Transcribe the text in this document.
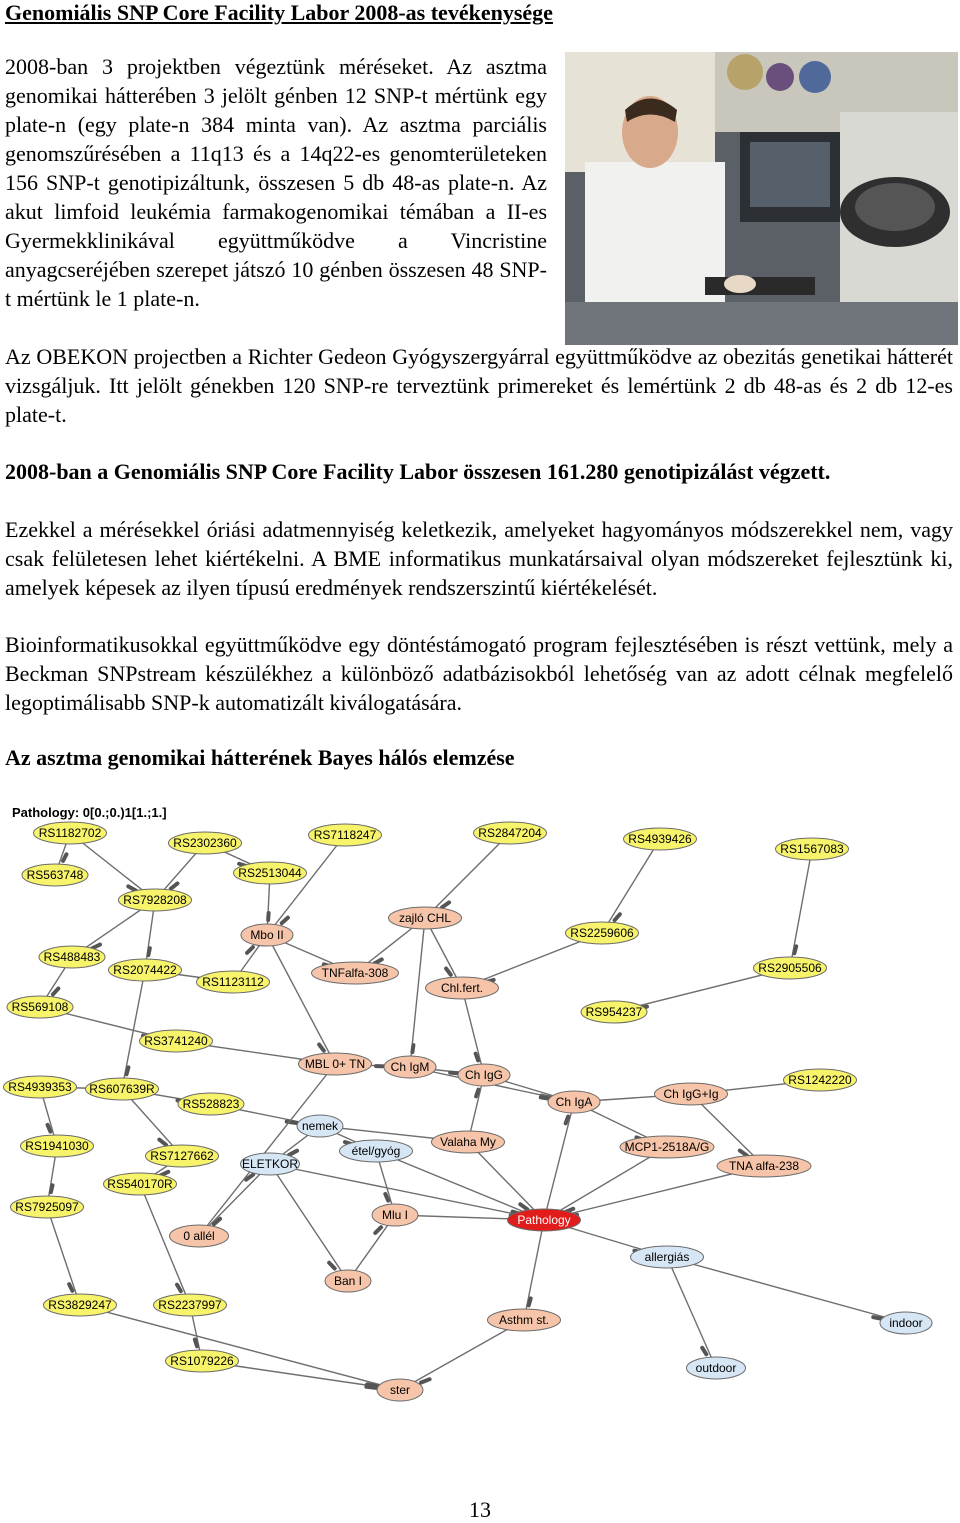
Genomiális SNP Core Facility Labor 2008-as tevékenysége
2008-ban 3 projektben végeztünk méréseket. Az asztma genomikai hátterében 3 jelölt génben 12 SNP-t mértünk egy plate-n (egy plate-n 384 minta van). Az asztma parciális genomszűrésében a 11q13 és a 14q22-es genomterületeken 156 SNP-t genotipizáltunk, összesen 5 db 48-as plate-n. Az akut limfoid leukémia farmakogenomikai témában a II-es Gyermekklinikával együttműködve a Vincristine anyagcseréjében szerepet játszó 10 génben összesen 48 SNP-t mértünk le 1 plate-n.
Az OBEKON projectben a Richter Gedeon Gyógyszergyárral együttműködve az obezitás genetikai hátterét vizsgáljuk. Itt jelölt génekben 120 SNP-re terveztünk primereket és lemértünk 2 db 48-as és 2 db 12-es plate-t.
2008-ban a Genomiális SNP Core Facility Labor összesen 161.280 genotipizálást végzett.
Ezekkel a mérésekkel óriási adatmennyiség keletkezik, amelyeket hagyományos módszerekkel nem, vagy csak felületesen lehet kiértékelni. A BME informatikus munkatársaival olyan módszereket fejlesztünk ki, amelyek képesek az ilyen típusú eredmények rendszerszintű kiértékelését.
Bioinformatikusokkal együttműködve egy döntéstámogató program fejlesztésében is részt vettünk, mely a Beckman SNPstream készülékhez a különböző adatbázisokból lehetőség van az adott célnak megfelelő legoptimálisabb SNP-k automatizált kiválogatására.
Az asztma genomikai hátterének Bayes hálós elemzése
Pathology: 0[0.;0.)1[1.;1.]
RS1182702
RS2302360
RS7118247	RS2847204	RS4939426
RS1567083
RS563748	RS2513044
RS7928208
zajló CHL
Mbo II	RS2259606
RS488483
RS2074422	TNFalfa-308	RS2905506
RS1123112	Chl.fert.
RS569108	RS954237
RS3741240
MBL 0+ TN Ch IgM
Ch IgG	RS1242220
RS4939353 RS607639R	Ch IgG+Ig
Ch IgA
RS528823
nemek
RS1941030	Valaha My	MCP1-2518A/G
étel/gyóg
RS7127662
ELETKOR	TNA alfa-238
RS540170R
RS7925097
Mlu I	Pathology
0 allél
allergiás
Ban I
RS3829247	RS2237997
Asthm st.	indoor
RS1079226	outdoor
ster
13
